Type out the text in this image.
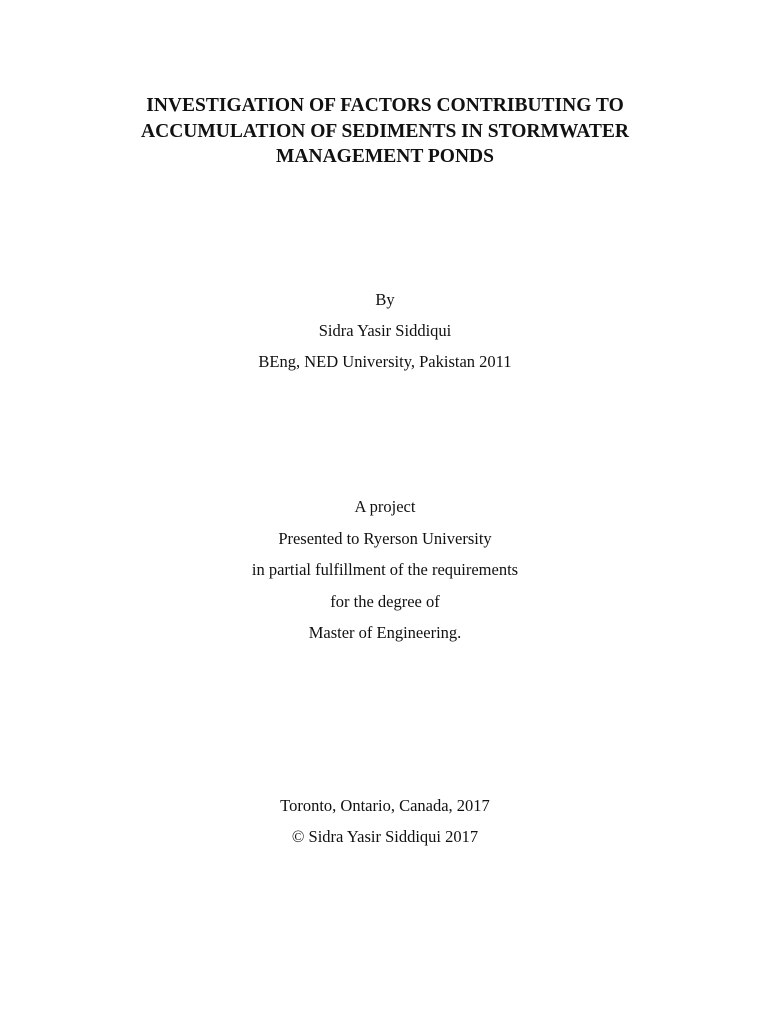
INVESTIGATION OF FACTORS CONTRIBUTING TO
ACCUMULATION OF SEDIMENTS IN STORMWATER
MANAGEMENT PONDS
By
Sidra Yasir Siddiqui
BEng, NED University, Pakistan 2011
A project
Presented to Ryerson University
in partial fulfillment of the requirements
for the degree of
Master of Engineering.
Toronto, Ontario, Canada, 2017
© Sidra Yasir Siddiqui 2017
